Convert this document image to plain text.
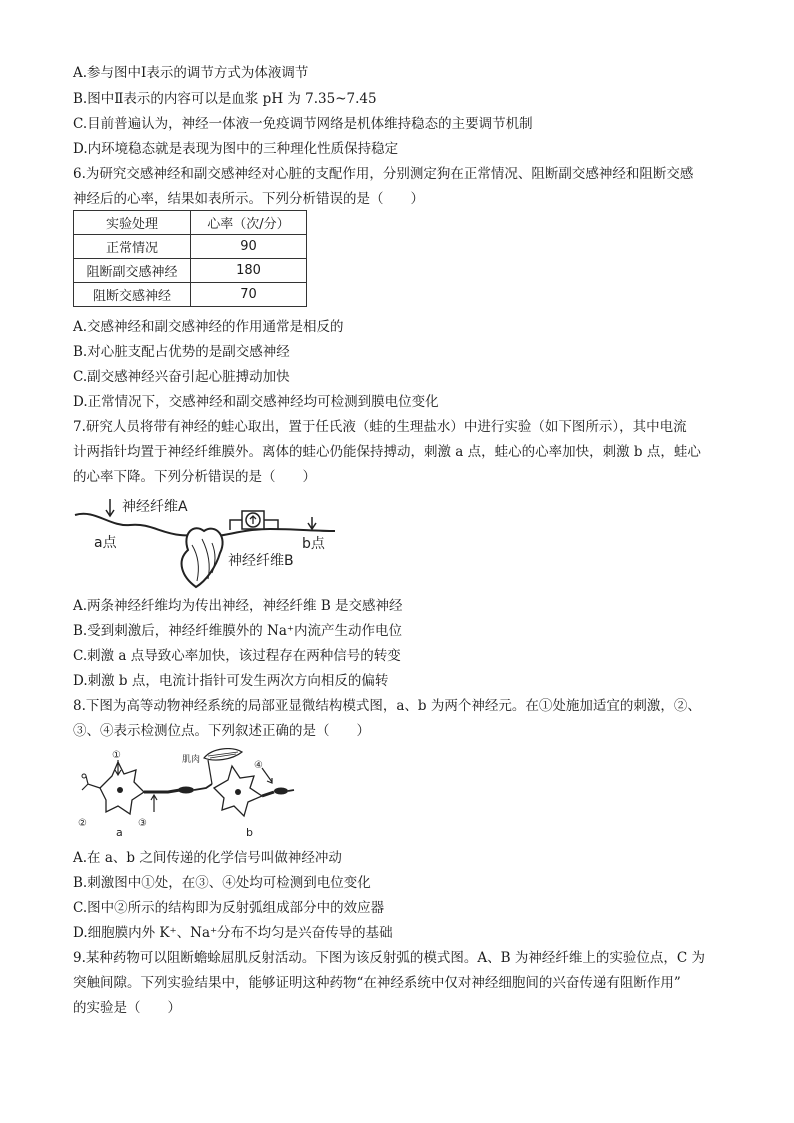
A.参与图中Ⅰ表示的调节方式为体液调节
B.图中Ⅱ表示的内容可以是血浆 pH 为 7.35~7.45
C.目前普遍认为，神经一体液一免疫调节网络是机体维持稳态的主要调节机制
D.内环境稳态就是表现为图中的三种理化性质保持稳定
6.为研究交感神经和副交感神经对心脏的支配作用，分别测定狗在正常情况、阻断副交感神经和阻断交感
神经后的心率，结果如表所示。下列分析错误的是（　　）
实验处理	心率（次/分）
正常情况	90
阻断副交感神经	180
阻断交感神经	70
A.交感神经和副交感神经的作用通常是相反的
B.对心脏支配占优势的是副交感神经
C.副交感神经兴奋引起心脏搏动加快
D.正常情况下，交感神经和副交感神经均可检测到膜电位变化
7.研究人员将带有神经的蛙心取出，置于任氏液（蛙的生理盐水）中进行实验（如下图所示），其中电流
计两指针均置于神经纤维膜外。离体的蛙心仍能保持搏动，刺激 a 点，蛙心的心率加快，刺激 b 点，蛙心
的心率下降。下列分析错误的是（　　）
神经纤维A
a点
神经纤维B
b点
A.两条神经纤维均为传出神经，神经纤维 B 是交感神经
B.受到刺激后，神经纤维膜外的 Na⁺内流产生动作电位
C.刺激 a 点导致心率加快，该过程存在两种信号的转变
D.刺激 b 点，电流计指针可发生两次方向相反的偏转
8.下图为高等动物神经系统的局部亚显微结构模式图，a、b 为两个神经元。在①处施加适宜的刺激，②、
③、④表示检测位点。下列叙述正确的是（　　）
①
②	③
④
肌肉
a	b
A.在 a、b 之间传递的化学信号叫做神经冲动
B.刺激图中①处，在③、④处均可检测到电位变化
C.图中②所示的结构即为反射弧组成部分中的效应器
D.细胞膜内外 K⁺、Na⁺分布不均匀是兴奋传导的基础
9.某种药物可以阻断蟾蜍屈肌反射活动。下图为该反射弧的模式图。A、B 为神经纤维上的实验位点，C 为
突触间隙。下列实验结果中，能够证明这种药物“在神经系统中仅对神经细胞间的兴奋传递有阻断作用”
的实验是（　　）
